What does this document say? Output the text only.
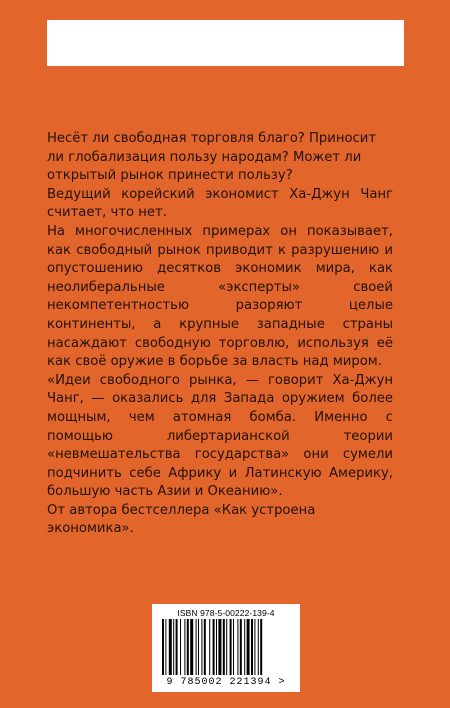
Несёт ли свободная торговля благо? Приносит ли глобализация пользу народам? Может ли открытый рынок принести пользу?

Ведущий корейский экономист Ха-Джун Чанг считает, что нет.

На многочисленных примерах он показывает, как свободный рынок приводит к разрушению и опустошению десятков экономик мира, как неолиберальные «эксперты» своей некомпетентностью разоряют целые континенты, а крупные западные страны насаждают свободную торговлю, используя её как своё оружие в борьбе за власть над миром.

«Идеи свободного рынка, — говорит Ха-Джун Чанг, — оказались для Запада оружием более мощным, чем атомная бомба. Именно с помощью либертарианской теории «невмешательства государства» они сумели подчинить себе Африку и Латинскую Америку, большую часть Азии и Океанию».

От автора бестселлера «Как устроена экономика».

ISBN 978-5-00222-139-4
9 785002 221394 >
